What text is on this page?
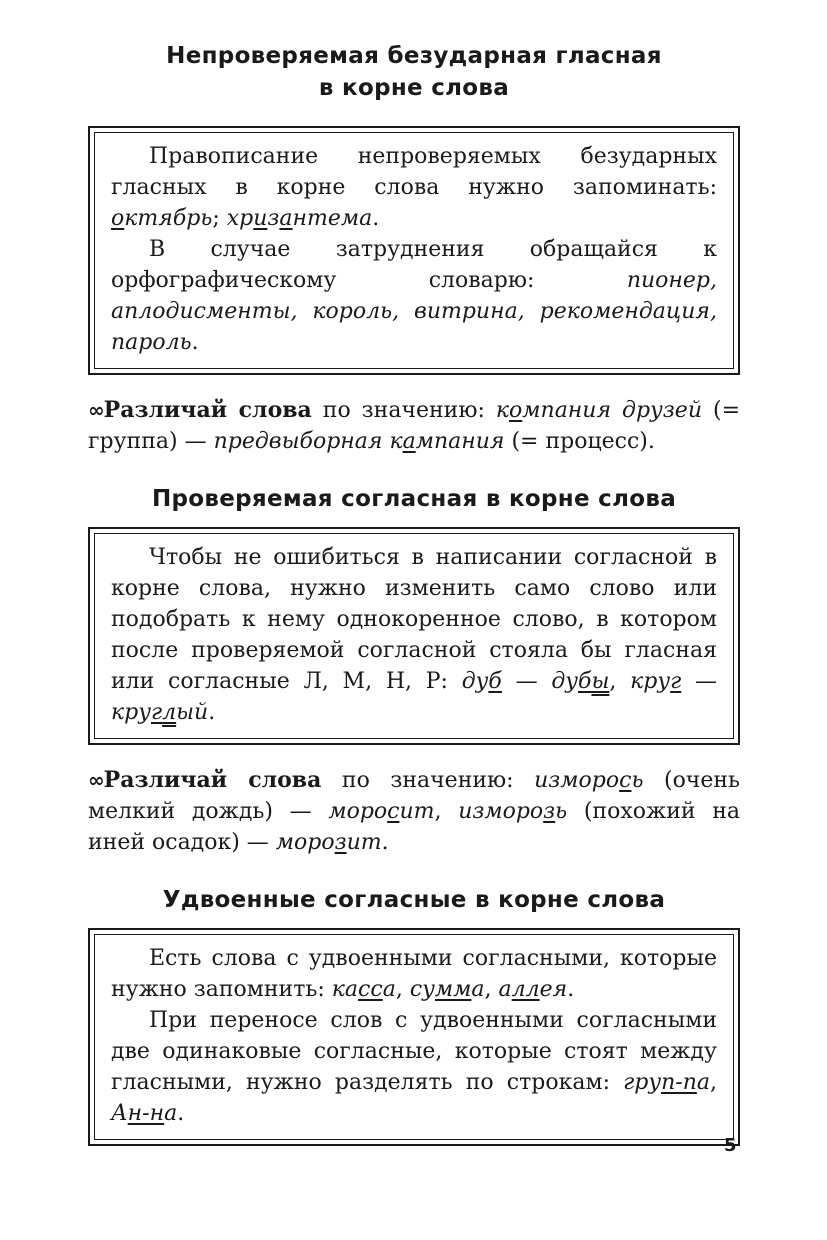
Непроверяемая безударная гласная
в корне слова

Правописание непроверяемых безударных гласных в корне слова нужно запоминать: октябрь; хризантема.

В случае затруднения обращайся к орфографическому словарю: пионер, аплодисменты, король, витрина, рекомендация, пароль.

∞Различай слова по значению: компания друзей (= группа) — предвыборная кампания (= процесс).

Проверяемая согласная в корне слова

Чтобы не ошибиться в написании согласной в корне слова, нужно изменить само слово или подобрать к нему однокоренное слово, в котором после проверяемой согласной стояла бы гласная или согласные Л, М, Н, Р: дуб — дубы, круг — круглый.

∞Различай слова по значению: измoрось (очень мелкий дождь) — моросит, измoрозь (похожий на иней осадок) — морозит.

Удвоенные согласные в корне слова

Есть слова с удвоенными согласными, которые нужно запомнить: касса, сумма, аллея.

При переносе слов с удвоенными согласными две одинаковые согласные, которые стоят между гласными, нужно разделять по строкам: груп-па, Ан-на.

5
